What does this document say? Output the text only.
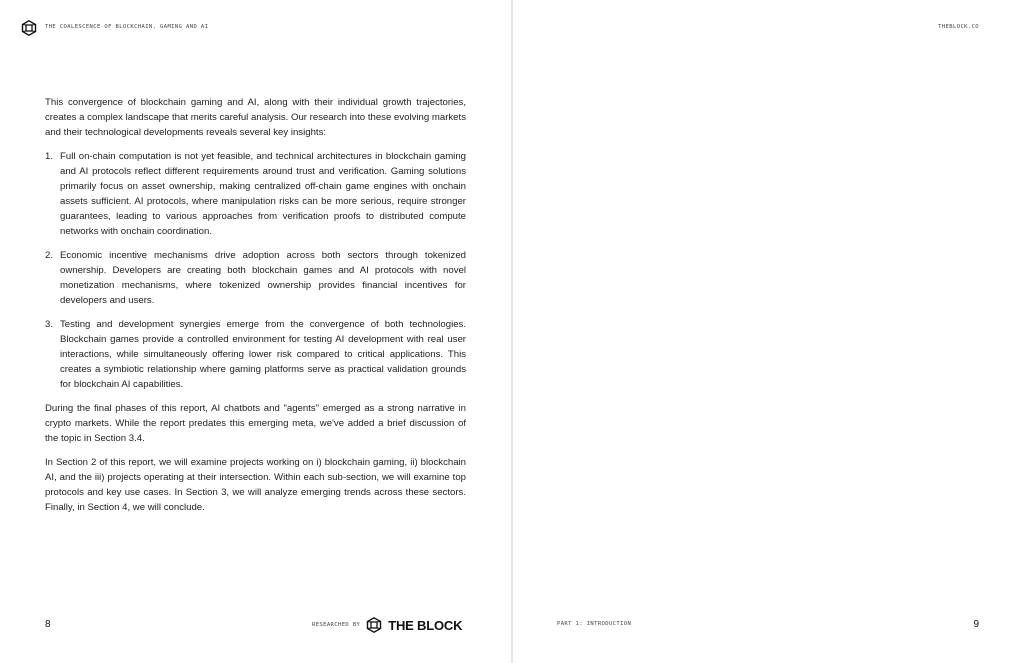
THE COALESCENCE OF BLOCKCHAIN, GAMING AND AI

This convergence of blockchain gaming and AI, along with their individual growth trajectories, creates a complex landscape that merits careful analysis. Our research into these evolving markets and their technological developments reveals several key insights:

1. Full on-chain computation is not yet feasible, and technical architectures in blockchain gaming and AI protocols reflect different requirements around trust and verification. Gaming solutions primarily focus on asset ownership, making centralized off-chain game engines with onchain assets sufficient. AI protocols, where manipulation risks can be more serious, require stronger guarantees, leading to various approaches from verification proofs to distributed compute networks with onchain coordination.
2. Economic incentive mechanisms drive adoption across both sectors through tokenized ownership. Developers are creating both blockchain games and AI protocols with novel monetization mechanisms, where tokenized ownership provides financial incentives for developers and users.
3. Testing and development synergies emerge from the convergence of both technologies. Blockchain games provide a controlled environment for testing AI development with real user interactions, while simultaneously offering lower risk compared to critical applications. This creates a symbiotic relationship where gaming platforms serve as practical validation grounds for blockchain AI capabilities.

During the final phases of this report, AI chatbots and "agents" emerged as a strong narrative in crypto markets. While the report predates this emerging meta, we've added a brief discussion of the topic in Section 3.4.

In Section 2 of this report, we will examine projects working on i) blockchain gaming, ii) blockchain AI, and the iii) projects operating at their intersection. Within each sub-section, we will examine top protocols and key use cases. In Section 3, we will analyze emerging trends across these sectors. Finally, in Section 4, we will conclude.

8	RESEARCHED BY THE BLOCK
THEBLOCK.CO
PART 1: INTRODUCTION	9
